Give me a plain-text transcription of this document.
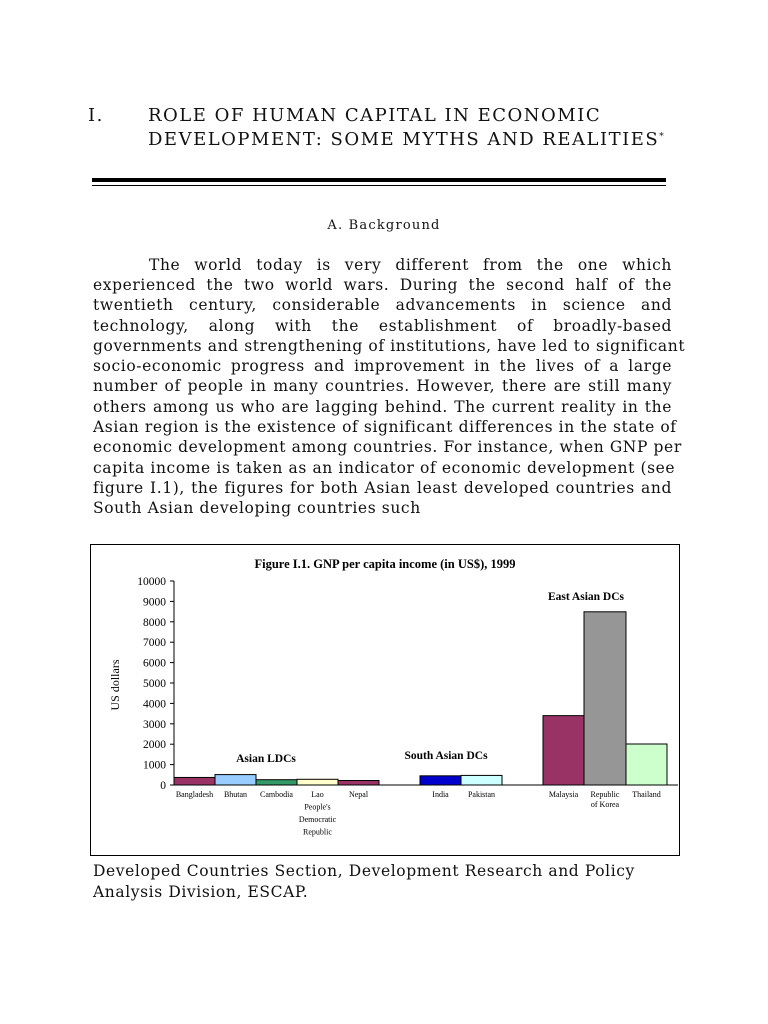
I. ROLE OF HUMAN CAPITAL IN ECONOMIC
DEVELOPMENT: SOME MYTHS AND REALITIES*
A. Background
The world today is very different from the one which
experienced the two world wars. During the second half of the
twentieth century, considerable advancements in science and
technology, along with the establishment of broadly-based
governments and strengthening of institutions, have led to significant
socio-economic progress and improvement in the lives of a large
number of people in many countries. However, there are still many
others among us who are lagging behind. The current reality in the
Asian region is the existence of significant differences in the state of
economic development among countries. For instance, when GNP per
capita income is taken as an indicator of economic development (see
figure I.1), the figures for both Asian least developed countries and
South Asian developing countries such
Developed Countries Section, Development Research and Policy
Analysis Division, ESCAP.
Figure I.1. GNP per capita income (in US$), 1999
US dollars
0
1000
2000
3000
4000
5000
6000
7000
8000
9000
10000
Asian LDCs
Bangladesh Bhutan Cambodia Lao
People's
Democratic
Republic
Nepal
South Asian DCs
India Pakistan
East Asian DCs
Malaysia Republic
of Korea
Thailand
